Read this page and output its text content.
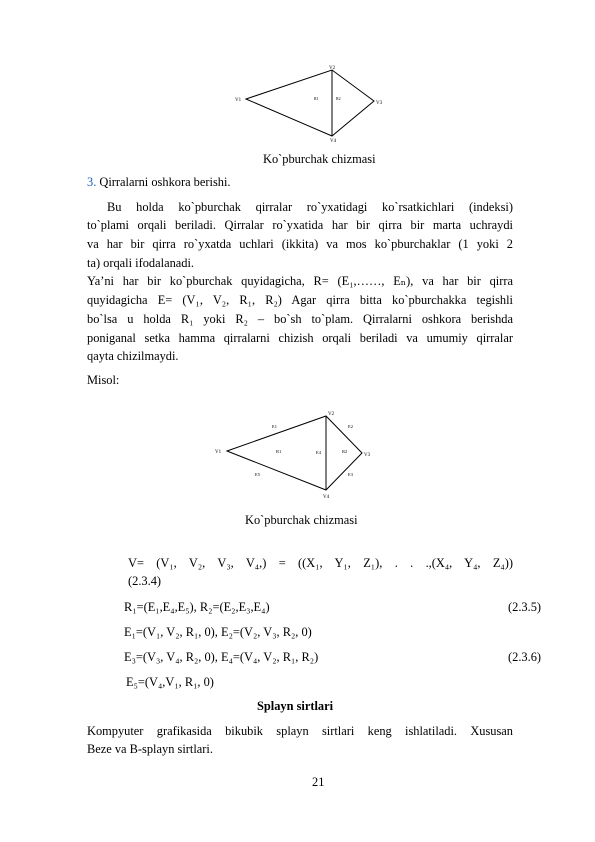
V2
V1
V3
V4
R1	R2
Ko`pburchak chizmasi
3. Qirralarni oshkora berishi.
Bu holda ko`pburchak qirralar ro`yxatidagi ko`rsatkichlari (indeksi)
to`plami orqali beriladi. Qirralar ro`yxatida har bir qirra bir marta uchraydi
va har bir qirra ro`yxatda uchlari (ikkita) va mos ko`pburchaklar (1 yoki 2
ta) orqali ifodalanadi.
Ya’ni har bir ko`pburchak quyidagicha, R= (E₁,……, Eₙ), va har bir qirra
quyidagicha E= (V₁, V₂, R₁, R₂) Agar qirra bitta ko`pburchakka tegishli
bo`lsa u holda R₁ yoki R₂ – bo`sh to`plam. Qirralarni oshkora berishda
poniganal setka hamma qirralarni chizish orqali beriladi va umumiy qirralar
qayta chizilmaydi.
Misol:
V2
V1
V3
V4
E1	E2
E3
E4
E5
R1	R2
Ko`pburchak chizmasi
V= (V₁, V₂, V₃, V₄,) = ((X₁, Y₁, Z₁), . . .,(X₄, Y₄, Z₄))
(2.3.4)
R₁=(E₁,E₄,E₅), R₂=(E₂,E₃,E₄)	(2.3.5)
E₁=(V₁, V₂, R₁, 0), E₂=(V₂, V₃, R₂, 0)
E₃=(V₃, V₄, R₂, 0), E₄=(V₄, V₂, R₁, R₂)	(2.3.6)
E₅=(V₄,V₁, R₁, 0)
Splayn sirtlari
Kompyuter grafikasida bikubik splayn sirtlari keng ishlatiladi. Xususan
Beze va B-splayn sirtlari.
21
